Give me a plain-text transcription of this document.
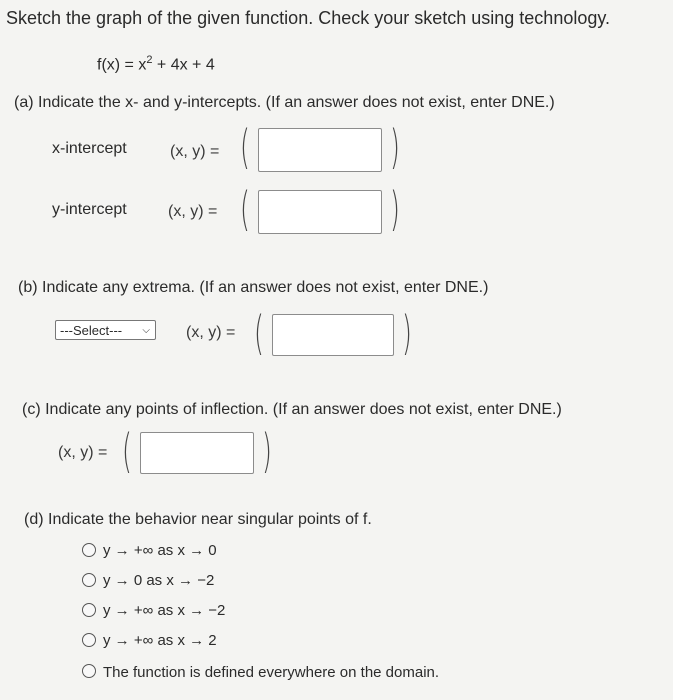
Sketch the graph of the given function. Check your sketch using technology.
$f(x) = x^2 + 4x + 4$
(a) Indicate the x- and y-intercepts. (If an answer does not exist, enter DNE.)
x-intercept	(x, y) = (	)
y-intercept	(x, y) = (	)
(b) Indicate any extrema. (If an answer does not exist, enter DNE.)
---Select--- ⌵ (x, y) = (	)
(c) Indicate any points of inflection. (If an answer does not exist, enter DNE.)
(x, y) = (	)
(d) Indicate the behavior near singular points of f.
y → +∞ as x → 0
y → 0 as x → −2
y → +∞ as x → −2
y → +∞ as x → 2
The function is defined everywhere on the domain.
